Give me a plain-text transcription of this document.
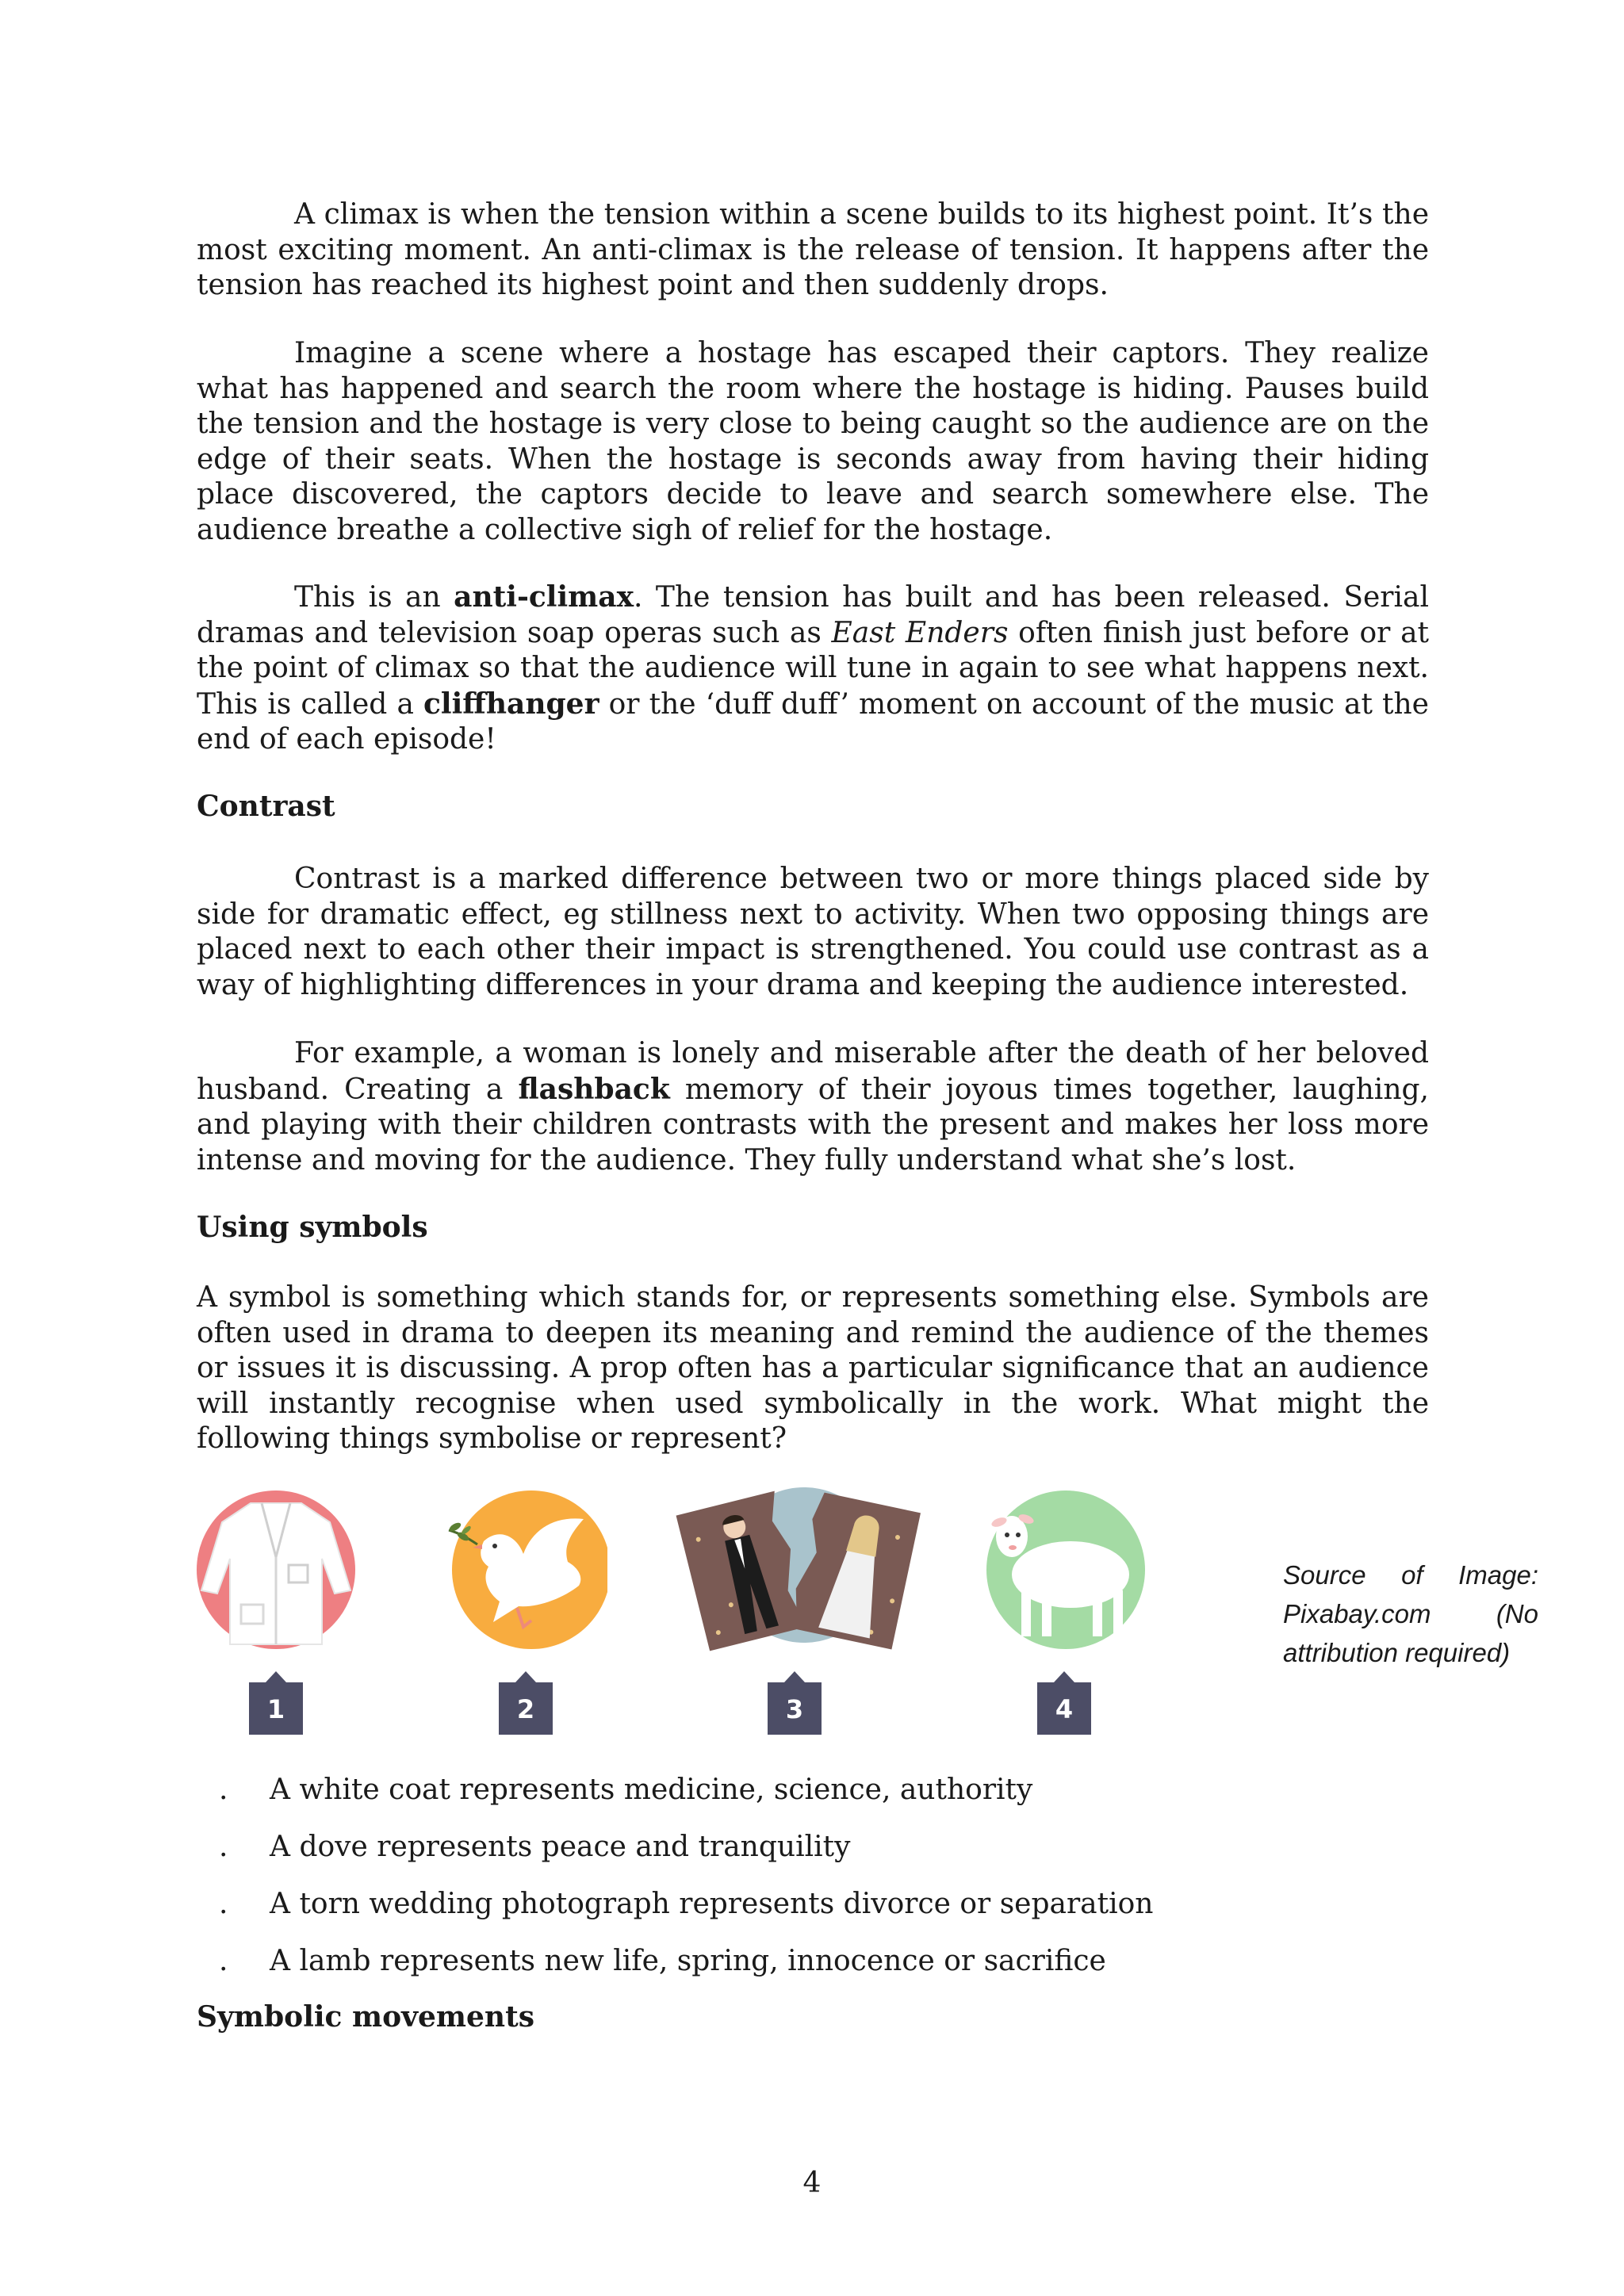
A climax is when the tension within a scene builds to its highest point. It’s the most exciting moment. An anti-climax is the release of tension. It happens after the tension has reached its highest point and then suddenly drops.

Imagine a scene where a hostage has escaped their captors. They realize what has happened and search the room where the hostage is hiding. Pauses build the tension and the hostage is very close to being caught so the audience are on the edge of their seats. When the hostage is seconds away from having their hiding place discovered, the captors decide to leave and search somewhere else. The audience breathe a collective sigh of relief for the hostage.

This is an anti-climax. The tension has built and has been released. Serial dramas and television soap operas such as East Enders often finish just before or at the point of climax so that the audience will tune in again to see what happens next. This is called a cliffhanger or the ‘duff duff’ moment on account of the music at the end of each episode!

Contrast

Contrast is a marked difference between two or more things placed side by side for dramatic effect, eg stillness next to activity. When two opposing things are placed next to each other their impact is strengthened. You could use contrast as a way of highlighting differences in your drama and keeping the audience interested.

For example, a woman is lonely and miserable after the death of her beloved husband. Creating a flashback memory of their joyous times together, laughing, and playing with their children contrasts with the present and makes her loss more intense and moving for the audience. They fully understand what she’s lost.

Using symbols

A symbol is something which stands for, or represents something else. Symbols are often used in drama to deepen its meaning and remind the audience of the themes or issues it is discussing. A prop often has a particular significance that an audience will instantly recognise when used symbolically in the work. What might the following things symbolise or represent?

1	2	3	4
Source of Image:
Pixabay.com (No
attribution required)
. A white coat represents medicine, science, authority
. A dove represents peace and tranquility
. A torn wedding photograph represents divorce or separation
. A lamb represents new life, spring, innocence or sacrifice
Symbolic movements
4
